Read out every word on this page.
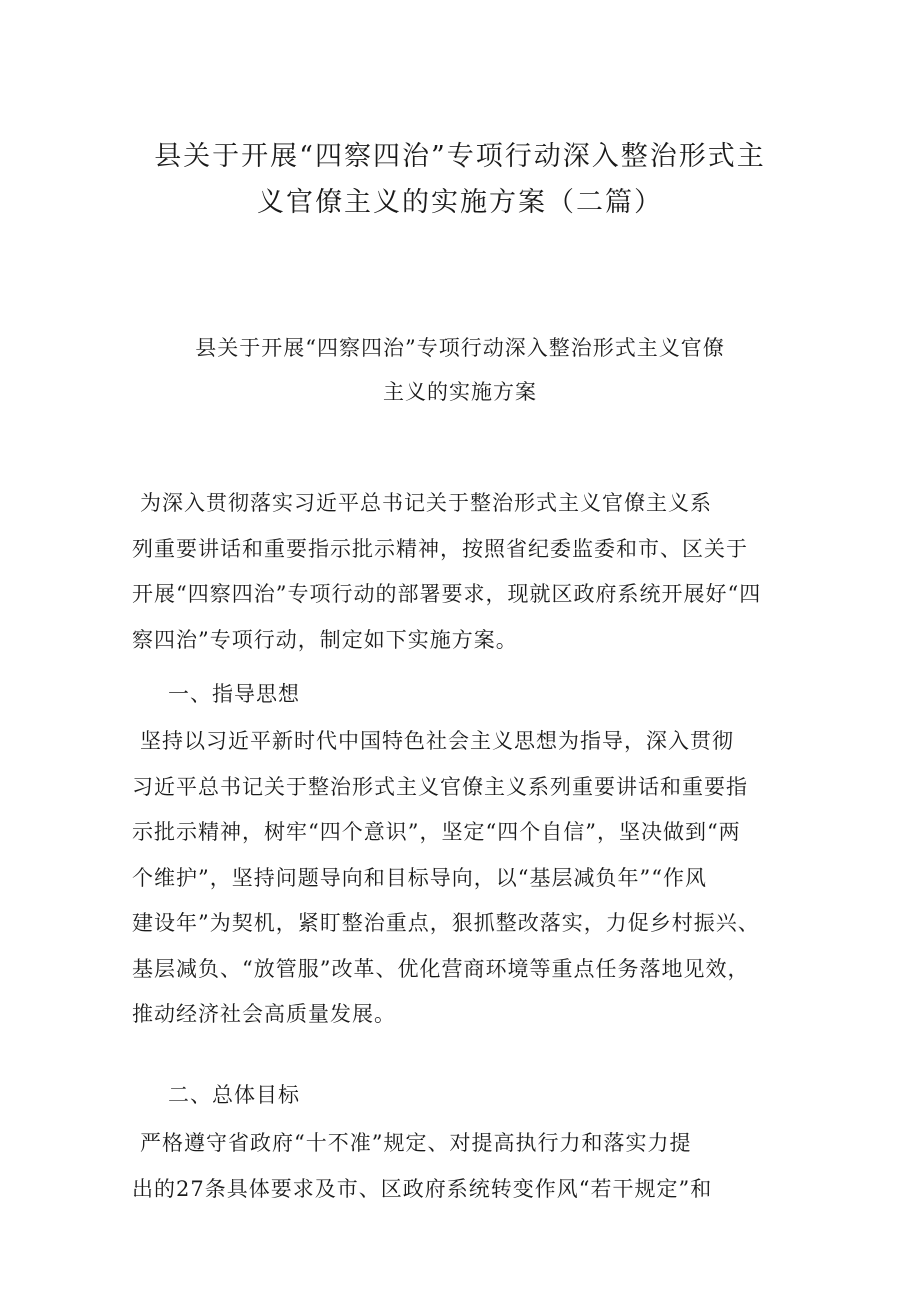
县关于开展“四察四治”专项行动深入整治形式主
义官僚主义的实施方案（二篇）
县关于开展“四察四治”专项行动深入整治形式主义官僚
主义的实施方案
　　为深入贯彻落实习近平总书记关于整治形式主义官僚主义系
列重要讲话和重要指示批示精神，按照省纪委监委和市、区关于
开展“四察四治”专项行动的部署要求，现就区政府系统开展好“四
察四治”专项行动，制定如下实施方案。

一、指导思想

　　坚持以习近平新时代中国特色社会主义思想为指导，深入贯彻
习近平总书记关于整治形式主义官僚主义系列重要讲话和重要指
示批示精神，树牢“四个意识”，坚定“四个自信”，坚决做到“两
个维护”，坚持问题导向和目标导向，以“基层减负年”“作风
建设年”为契机，紧盯整治重点，狠抓整改落实，力促乡村振兴、
基层减负、“放管服”改革、优化营商环境等重点任务落地见效，
推动经济社会高质量发展。

二、总体目标

　　严格遵守省政府“十不准”规定、对提高执行力和落实力提
出的27条具体要求及市、区政府系统转变作风“若干规定”和
